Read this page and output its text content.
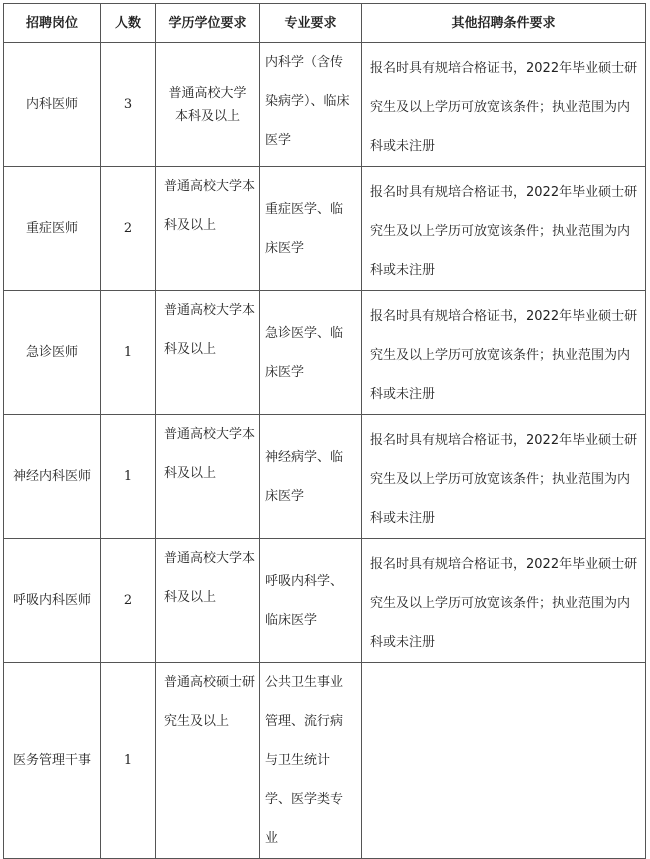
招聘岗位	人数	学历学位要求	专业要求	其他招聘条件要求
内科医师	3	普通高校大学本科及以上	内科学（含传染病学）、临床医学	报名时具有规培合格证书，2022年毕业硕士研究生及以上学历可放宽该条件；执业范围为内科或未注册

重症医师	2	普通高校大学本科及以上	重症医学、临床医学	报名时具有规培合格证书，2022年毕业硕士研究生及以上学历可放宽该条件；执业范围为内科或未注册

急诊医师	1	普通高校大学本科及以上	急诊医学、临床医学	报名时具有规培合格证书，2022年毕业硕士研究生及以上学历可放宽该条件；执业范围为内科或未注册

神经内科医师	1	普通高校大学本科及以上	神经病学、临床医学	报名时具有规培合格证书，2022年毕业硕士研究生及以上学历可放宽该条件；执业范围为内科或未注册

呼吸内科医师	2	普通高校大学本科及以上	呼吸内科学、临床医学	报名时具有规培合格证书，2022年毕业硕士研究生及以上学历可放宽该条件；执业范围为内科或未注册

医务管理干事	1	普通高校硕士研究生及以上	公共卫生事业管理、流行病与卫生统计学、医学类专业	
